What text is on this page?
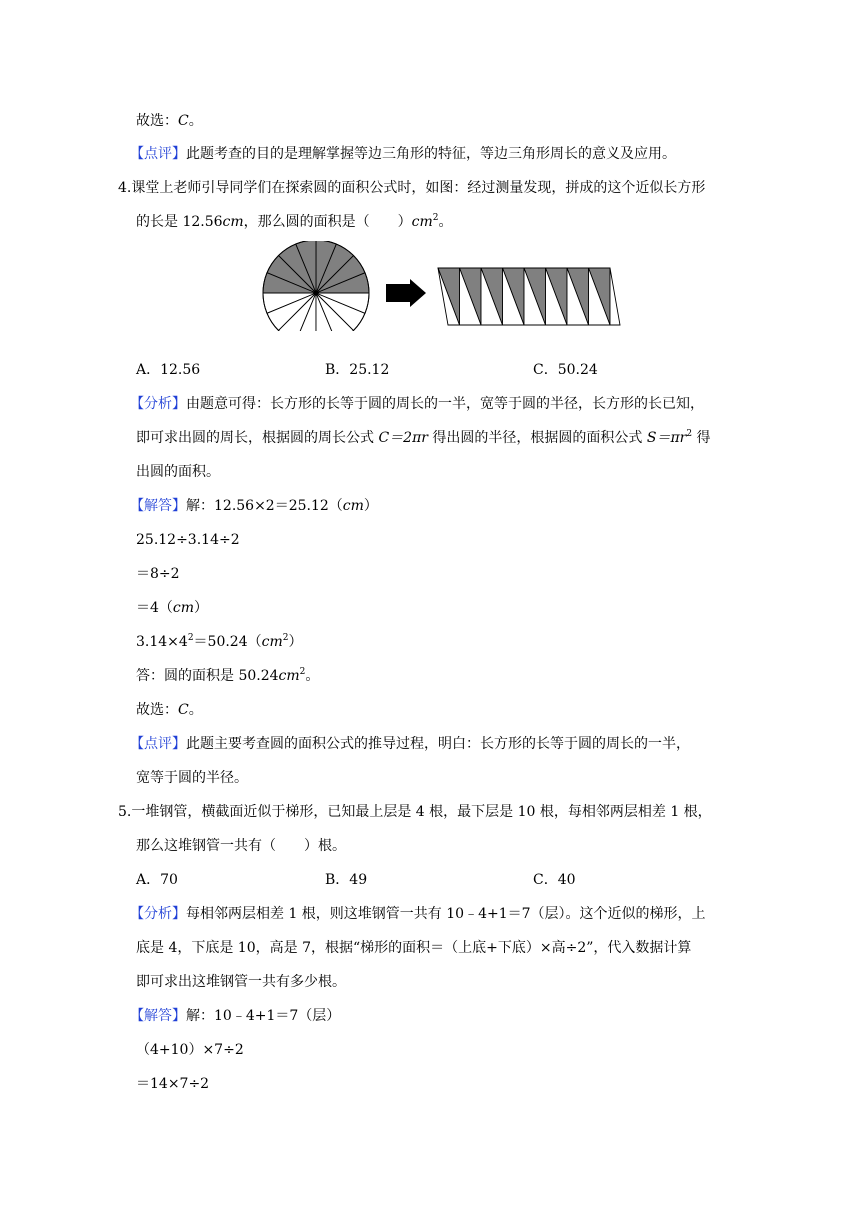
故选：C。
【点评】此题考查的目的是理解掌握等边三角形的特征，等边三角形周长的意义及应用。
4.课堂上老师引导同学们在探索圆的面积公式时，如图：经过测量发现，拼成的这个近似长方形
的长是 12.56cm，那么圆的面积是（　　）$cm^2$。
A．12.56	B．25.12	C．50.24
【分析】由题意可得：长方形的长等于圆的周长的一半，宽等于圆的半径，长方形的长已知，
即可求出圆的周长，根据圆的周长公式 C＝2πr 得出圆的半径，根据圆的面积公式 $S=\pi r^2$ 得
出圆的面积。
【解答】解：12.56×2＝25.12（cm）
25.12÷3.14÷2
＝8÷2
＝4（cm）
$3.14\times 4^2=50.24(cm^2)$
答：圆的面积是 $50.24cm^2$。
故选：C。
【点评】此题主要考查圆的面积公式的推导过程，明白：长方形的长等于圆的周长的一半，
宽等于圆的半径。
5.一堆钢管，横截面近似于梯形，已知最上层是 4 根，最下层是 10 根，每相邻两层相差 1 根，
那么这堆钢管一共有（　　）根。
A．70	B．49	C．40
【分析】每相邻两层相差 1 根，则这堆钢管一共有 10﹣4+1＝7（层）。这个近似的梯形，上
底是 4，下底是 10，高是 7，根据“梯形的面积＝（上底+下底）×高÷2”，代入数据计算
即可求出这堆钢管一共有多少根。
【解答】解：10﹣4+1＝7（层）
（4+10）×7÷2
＝14×7÷2
